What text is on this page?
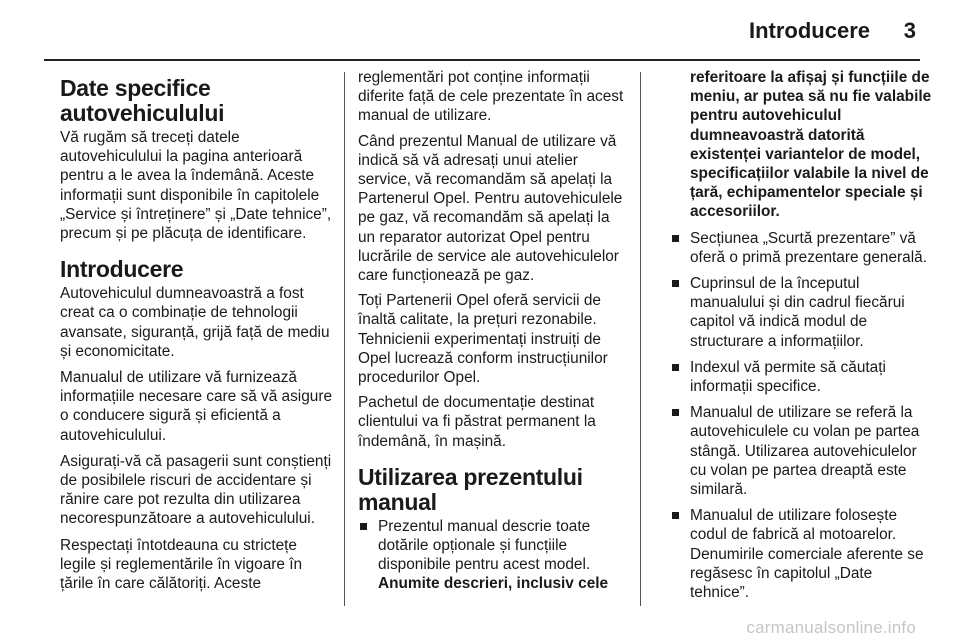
Introducere 3
Date specifice autovehiculului

Vă rugăm să treceți datele autovehiculului la pagina anterioară pentru a le avea la îndemână. Aceste informații sunt disponibile în capitolele „Service și întreținere” și „Date tehnice”, precum și pe plăcuța de identificare.

Introducere

Autovehiculul dumneavoastră a fost creat ca o combinație de tehnologii avansate, siguranță, grijă față de mediu și economicitate.

Manualul de utilizare vă furnizează informațiile necesare care să vă asigure o conducere sigură și eficientă a autovehiculului.

Asigurați-vă că pasagerii sunt conștienți de posibilele riscuri de accidentare și rănire care pot rezulta din utilizarea necorespunzătoare a autovehiculului.

Respectați întotdeauna cu strictețe legile și reglementările în vigoare în țările în care călătoriți. Aceste

reglementări pot conține informații diferite față de cele prezentate în acest manual de utilizare.

Când prezentul Manual de utilizare vă indică să vă adresați unui atelier service, vă recomandăm să apelați la Partenerul Opel. Pentru autovehiculele pe gaz, vă recomandăm să apelați la un reparator autorizat Opel pentru lucrările de service ale autovehiculelor care funcționează pe gaz.

Toți Partenerii Opel oferă servicii de înaltă calitate, la prețuri rezonabile. Tehnicienii experimentați instruiți de Opel lucrează conform instrucțiunilor procedurilor Opel.

Pachetul de documentație destinat clientului va fi păstrat permanent la îndemână, în mașină.

Utilizarea prezentului manual
Prezentul manual descrie toate dotările opționale și funcțiile disponibile pentru acest model. Anumite descrieri, inclusiv cele

referitoare la afișaj și funcțiile de meniu, ar putea să nu fie valabile pentru autovehiculul dumneavoastră datorită existenței variantelor de model, specificațiilor valabile la nivel de țară, echipamentelor speciale și accesoriilor.

Secțiunea „Scurtă prezentare” vă oferă o primă prezentare generală.
Cuprinsul de la începutul manualului și din cadrul fiecărui capitol vă indică modul de structurare a informațiilor.
Indexul vă permite să căutați informații specifice.
Manualul de utilizare se referă la autovehiculele cu volan pe partea stângă. Utilizarea autovehiculelor cu volan pe partea dreaptă este similară.
Manualul de utilizare folosește codul de fabrică al motoarelor. Denumirile comerciale aferente se regăsesc în capitolul „Date tehnice”.
carmanualsonline.info
